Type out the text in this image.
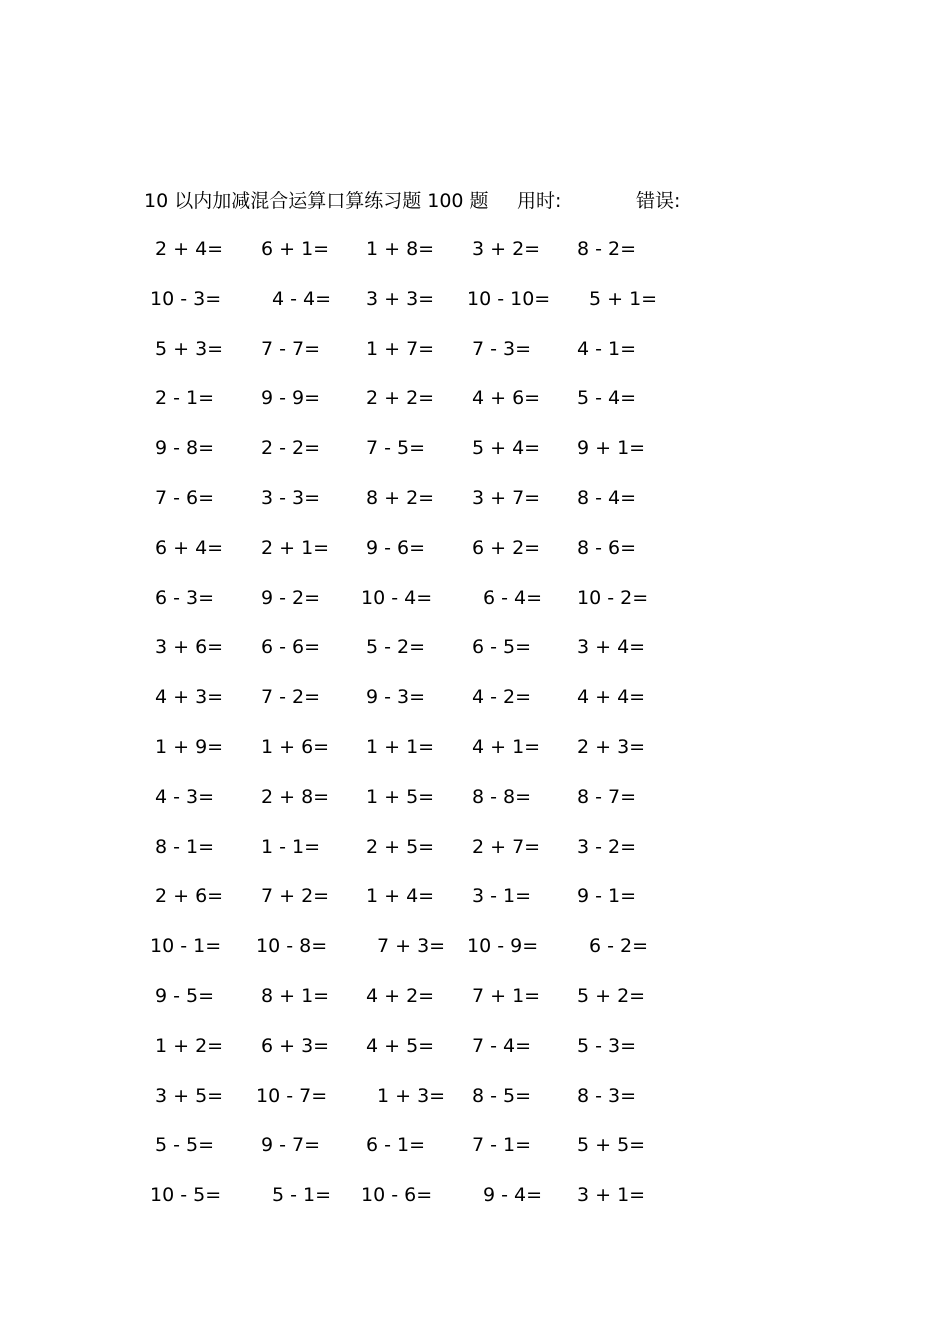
10 以内加减混合运算口算练习题 100 题

用时:

	错误:

2 + 4= 6 + 1= 1 + 8= 3 + 2= 8 - 2=
10 - 3=	4 - 4= 3 + 3= 10 - 10= 5 + 1=
5 + 3= 7 - 7= 1 + 7= 7 - 3= 4 - 1=
2 - 1= 9 - 9= 2 + 2= 4 + 6= 5 - 4=
9 - 8= 2 - 2= 7 - 5= 5 + 4= 9 + 1=
7 - 6= 3 - 3= 8 + 2= 3 + 7= 8 - 4=
6 + 4= 2 + 1= 9 - 6= 6 + 2= 8 - 6=
6 - 3= 9 - 2= 10 - 4=	6 - 4= 10 - 2=
3 + 6= 6 - 6= 5 - 2= 6 - 5= 3 + 4=
4 + 3= 7 - 2= 9 - 3= 4 - 2= 4 + 4=
1 + 9= 1 + 6= 1 + 1= 4 + 1= 2 + 3=
4 - 3= 2 + 8= 1 + 5= 8 - 8= 8 - 7=
8 - 1= 1 - 1= 2 + 5= 2 + 7= 3 - 2=
2 + 6= 7 + 2= 1 + 4= 3 - 1= 9 - 1=
10 - 1= 10 - 8=	7 + 3= 10 - 9=	6 - 2=
9 - 5= 8 + 1= 4 + 2= 7 + 1= 5 + 2=
1 + 2= 6 + 3= 4 + 5= 7 - 4= 5 - 3=
3 + 5= 10 - 7=	1 + 3= 8 - 5= 8 - 3=
5 - 5= 9 - 7= 6 - 1= 7 - 1= 5 + 5=
10 - 5=	5 - 1= 10 - 6=	9 - 4= 3 + 1=
